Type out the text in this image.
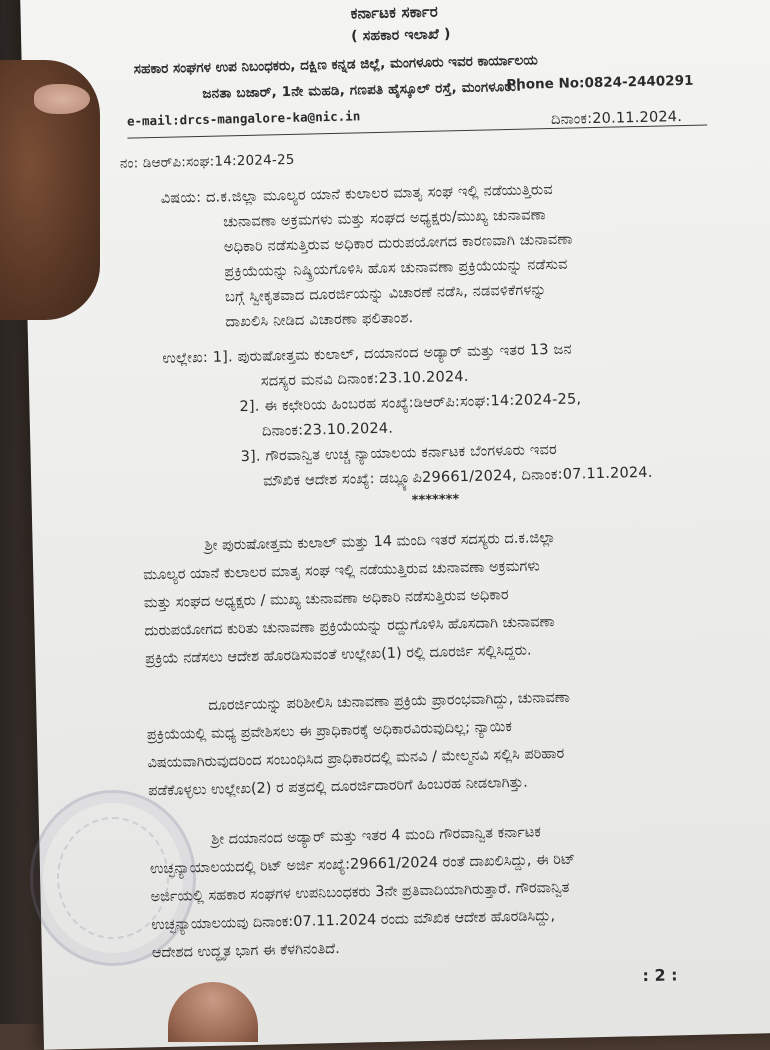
ಕರ್ನಾಟಕ ಸರ್ಕಾರ
( ಸಹಕಾರ ಇಲಾಖೆ )
ಸಹಕಾರ ಸಂಘಗಳ ಉಪ ನಿಬಂಧಕರು, ದಕ್ಷಿಣ ಕನ್ನಡ ಜಿಲ್ಲೆ, ಮಂಗಳೂರು ಇವರ ಕಾರ್ಯಾಲಯ
ಜನತಾ ಬಜಾರ್, 1ನೇ ಮಹಡಿ, ಗಣಪತಿ ಹೈಸ್ಕೂಲ್ ರಸ್ತೆ, ಮಂಗಳೂರು.
Phone No:0824-2440291
e-mail:drcs-mangalore-ka@nic.in	ದಿನಾಂಕ:20.11.2024.
ನಂ: ಡಿಆರ್‌ಪಿ:ಸಂಘ:14:2024-25
ವಿಷಯ: ದ.ಕ.ಜಿಲ್ಲಾ ಮೂಲ್ಯರ ಯಾನೆ ಕುಲಾಲರ ಮಾತೃ ಸಂಘ ಇಲ್ಲಿ ನಡೆಯುತ್ತಿರುವ
ಚುನಾವಣಾ ಅಕ್ರಮಗಳು ಮತ್ತು ಸಂಘದ ಅಧ್ಯಕ್ಷರು/ಮುಖ್ಯ ಚುನಾವಣಾ
ಅಧಿಕಾರಿ ನಡೆಸುತ್ತಿರುವ ಅಧಿಕಾರ ದುರುಪಯೋಗದ ಕಾರಣವಾಗಿ ಚುನಾವಣಾ
ಪ್ರಕ್ರಿಯೆಯನ್ನು ನಿಷ್ಕ್ರಿಯಗೊಳಿಸಿ ಹೊಸ ಚುನಾವಣಾ ಪ್ರಕ್ರಿಯೆಯನ್ನು ನಡೆಸುವ
ಬಗ್ಗೆ ಸ್ವೀಕೃತವಾದ ದೂರರ್ಜಿಯನ್ನು ವಿಚಾರಣೆ ನಡೆಸಿ, ನಡವಳಿಕೆಗಳನ್ನು
ದಾಖಲಿಸಿ ನೀಡಿದ ವಿಚಾರಣಾ ಫಲಿತಾಂಶ.
ಉಲ್ಲೇಖ: 1]. ಪುರುಷೋತ್ತಮ ಕುಲಾಲ್, ದಯಾನಂದ ಅಡ್ಯಾರ್ ಮತ್ತು ಇತರ 13 ಜನ
ಸದಸ್ಯರ ಮನವಿ ದಿನಾಂಕ:23.10.2024.
2]. ಈ ಕಛೇರಿಯ ಹಿಂಬರಹ ಸಂಖ್ಯೆ:ಡಿಆರ್‌ಪಿ:ಸಂಘ:14:2024-25,
ದಿನಾಂಕ:23.10.2024.
3]. ಗೌರವಾನ್ವಿತ ಉಚ್ಚ ನ್ಯಾಯಾಲಯ ಕರ್ನಾಟಕ ಬೆಂಗಳೂರು ಇವರ
ಮೌಖಿಕ ಆದೇಶ ಸಂಖ್ಯೆ: ಡಬ್ಲ್ಯೂಪಿ29661/2024, ದಿನಾಂಕ:07.11.2024.
*******
ಶ್ರೀ ಪುರುಷೋತ್ತಮ ಕುಲಾಲ್ ಮತ್ತು 14 ಮಂದಿ ಇತರೆ ಸದಸ್ಯರು ದ.ಕ.ಜಿಲ್ಲಾ
ಮೂಲ್ಯರ ಯಾನೆ ಕುಲಾಲರ ಮಾತೃ ಸಂಘ ಇಲ್ಲಿ ನಡೆಯುತ್ತಿರುವ ಚುನಾವಣಾ ಅಕ್ರಮಗಳು
ಮತ್ತು ಸಂಘದ ಅಧ್ಯಕ್ಷರು / ಮುಖ್ಯ ಚುನಾವಣಾ ಅಧಿಕಾರಿ ನಡೆಸುತ್ತಿರುವ ಅಧಿಕಾರ
ದುರುಪಯೋಗದ ಕುರಿತು ಚುನಾವಣಾ ಪ್ರಕ್ರಿಯೆಯನ್ನು ರದ್ದುಗೊಳಿಸಿ ಹೊಸದಾಗಿ ಚುನಾವಣಾ
ಪ್ರಕ್ರಿಯೆ ನಡೆಸಲು ಆದೇಶ ಹೊರಡಿಸುವಂತೆ ಉಲ್ಲೇಖ(1) ರಲ್ಲಿ ದೂರರ್ಜಿ ಸಲ್ಲಿಸಿದ್ದರು.
ದೂರರ್ಜಿಯನ್ನು ಪರಿಶೀಲಿಸಿ ಚುನಾವಣಾ ಪ್ರಕ್ರಿಯೆ ಪ್ರಾರಂಭವಾಗಿದ್ದು, ಚುನಾವಣಾ
ಪ್ರಕ್ರಿಯೆಯಲ್ಲಿ ಮಧ್ಯ ಪ್ರವೇಶಿಸಲು ಈ ಪ್ರಾಧಿಕಾರಕ್ಕೆ ಅಧಿಕಾರವಿರುವುದಿಲ್ಲ; ನ್ಯಾಯಿಕ
ವಿಷಯವಾಗಿರುವುದರಿಂದ ಸಂಬಂಧಿಸಿದ ಪ್ರಾಧಿಕಾರದಲ್ಲಿ ಮನವಿ / ಮೇಲ್ಮನವಿ ಸಲ್ಲಿಸಿ ಪರಿಹಾರ
ಪಡೆಕೊಳ್ಳಲು ಉಲ್ಲೇಖ(2) ರ ಪತ್ರದಲ್ಲಿ ದೂರರ್ಜಿದಾರರಿಗೆ ಹಿಂಬರಹ ನೀಡಲಾಗಿತ್ತು.
ಶ್ರೀ ದಯಾನಂದ ಅಡ್ಯಾರ್ ಮತ್ತು ಇತರ 4 ಮಂದಿ ಗೌರವಾನ್ವಿತ ಕರ್ನಾಟಕ
ಉಚ್ಛನ್ಯಾಯಾಲಯದಲ್ಲಿ ರಿಟ್ ಅರ್ಜಿ ಸಂಖ್ಯೆ:29661/2024 ರಂತೆ ದಾಖಲಿಸಿದ್ದು, ಈ ರಿಟ್
ಅರ್ಜಿಯಲ್ಲಿ ಸಹಕಾರ ಸಂಘಗಳ ಉಪನಿಬಂಧಕರು 3ನೇ ಪ್ರತಿವಾದಿಯಾಗಿರುತ್ತಾರೆ. ಗೌರವಾನ್ವಿತ
ಉಚ್ಛನ್ಯಾಯಾಲಯವು ದಿನಾಂಕ:07.11.2024 ರಂದು ಮೌಖಿಕ ಆದೇಶ ಹೊರಡಿಸಿದ್ದು,
ಆದೇಶದ ಉದ್ಧೃತ ಭಾಗ ಈ ಕೆಳಗಿನಂತಿದೆ.
: 2 :
